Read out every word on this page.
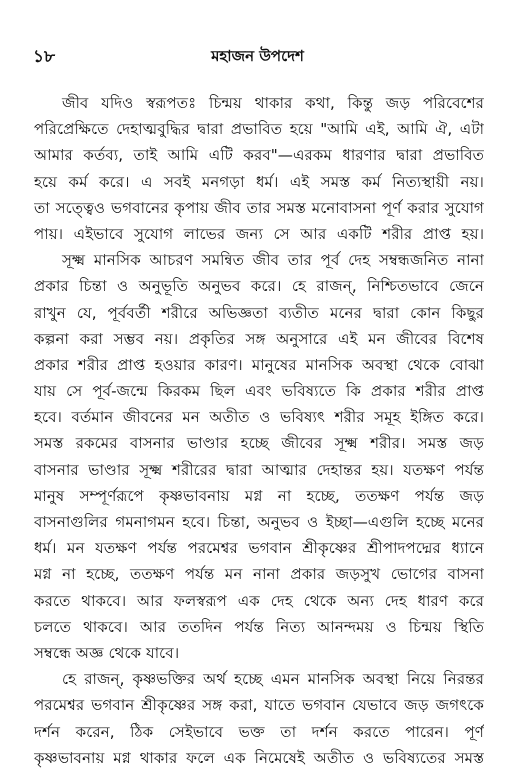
১৮	মহাজন উপদেশ
জীব যদিও স্বরূপতঃ চিন্ময় থাকার কথা, কিন্তু জড় পরিবেশের
পরিপ্রেক্ষিতে দেহাত্মবুদ্ধির দ্বারা প্রভাবিত হয়ে "আমি এই, আমি ঐ, এটা
আমার কর্তব্য, তাই আমি এটি করব"—এরকম ধারণার দ্বারা প্রভাবিত
হয়ে কর্ম করে। এ সবই মনগড়া ধর্ম। এই সমস্ত কর্ম নিত্যস্থায়ী নয়।
তা সত্ত্বেও ভগবানের কৃপায় জীব তার সমস্ত মনোবাসনা পূর্ণ করার সুযোগ
পায়। এইভাবে সুযোগ লাভের জন্য সে আর একটি শরীর প্রাপ্ত হয়।
সূক্ষ্ম মানসিক আচরণ সমন্বিত জীব তার পূর্ব দেহ সম্বন্ধজনিত নানা
প্রকার চিন্তা ও অনুভূতি অনুভব করে। হে রাজন্, নিশ্চিতভাবে জেনে
রাখুন যে, পূর্ববর্তী শরীরে অভিজ্ঞতা ব্যতীত মনের দ্বারা কোন কিছুর
কল্পনা করা সম্ভব নয়। প্রকৃতির সঙ্গ অনুসারে এই মন জীবের বিশেষ
প্রকার শরীর প্রাপ্ত হওয়ার কারণ। মানুষের মানসিক অবস্থা থেকে বোঝা
যায় সে পূর্ব-জন্মে কিরকম ছিল এবং ভবিষ্যতে কি প্রকার শরীর প্রাপ্ত
হবে। বর্তমান জীবনের মন অতীত ও ভবিষ্যৎ শরীর সমূহ ইঙ্গিত করে।
সমস্ত রকমের বাসনার ভাণ্ডার হচ্ছে জীবের সূক্ষ্ম শরীর। সমস্ত জড়
বাসনার ভাণ্ডার সূক্ষ্ম শরীরের দ্বারা আত্মার দেহান্তর হয়। যতক্ষণ পর্যন্ত
মানুষ সম্পূর্ণরূপে কৃষ্ণভাবনায় মগ্ন না হচ্ছে, ততক্ষণ পর্যন্ত জড়
বাসনাগুলির গমনাগমন হবে। চিন্তা, অনুভব ও ইচ্ছা—এগুলি হচ্ছে মনের
ধর্ম। মন যতক্ষণ পর্যন্ত পরমেশ্বর ভগবান শ্রীকৃষ্ণের শ্রীপাদপদ্মের ধ্যানে
মগ্ন না হচ্ছে, ততক্ষণ পর্যন্ত মন নানা প্রকার জড়সুখ ভোগের বাসনা
করতে থাকবে। আর ফলস্বরূপ এক দেহ থেকে অন্য দেহ ধারণ করে
চলতে থাকবে। আর ততদিন পর্যন্ত নিত্য আনন্দময় ও চিন্ময় স্থিতি
সম্বন্ধে অজ্ঞ থেকে যাবে।
হে রাজন্, কৃষ্ণভক্তির অর্থ হচ্ছে এমন মানসিক অবস্থা নিয়ে নিরন্তর
পরমেশ্বর ভগবান শ্রীকৃষ্ণের সঙ্গ করা, যাতে ভগবান যেভাবে জড় জগৎকে
দর্শন করেন, ঠিক সেইভাবে ভক্ত তা দর্শন করতে পারেন। পূর্ণ
কৃষ্ণভাবনায় মগ্ন থাকার ফলে এক নিমেষেই অতীত ও ভবিষ্যতের সমস্ত
